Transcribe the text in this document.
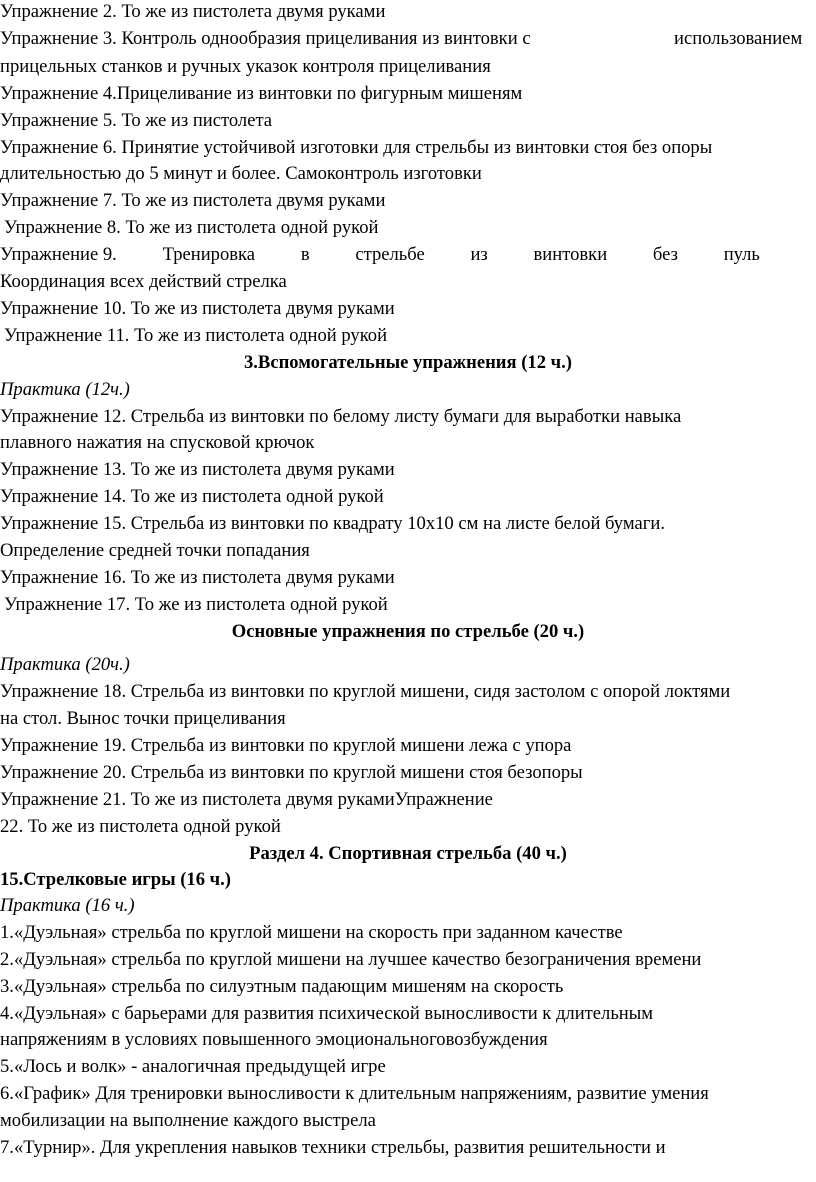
Упражнение 2. То же из пистолета двумя руками
Упражнение 3. Контроль однообразия прицеливания из винтовки с	использованием
прицельных станков и ручных указок контроля прицеливания
Упражнение 4.Прицеливание из винтовки по фигурным мишеням
Упражнение 5. То же из пистолета
Упражнение 6. Принятие устойчивой изготовки для стрельбы из винтовки стоя без опоры
длительностью до 5 минут и более. Самоконтроль изготовки
Упражнение 7. То же из пистолета двумя руками
Упражнение 8. То же из пистолета одной рукой
Упражнение 9. Тренировка в стрельбе из винтовки без пуль
Координация всех действий стрелка
Упражнение 10. То же из пистолета двумя руками
Упражнение 11. То же из пистолета одной рукой
3.Вспомогательные упражнения (12 ч.)
Практика (12ч.)
Упражнение 12. Стрельба из винтовки по белому листу бумаги для выработки навыка
плавного нажатия на спусковой крючок
Упражнение 13. То же из пистолета двумя руками
Упражнение 14. То же из пистолета одной рукой
Упражнение 15. Стрельба из винтовки по квадрату 10х10 см на листе белой бумаги.
Определение средней точки попадания
Упражнение 16. То же из пистолета двумя руками
Упражнение 17. То же из пистолета одной рукой
Основные упражнения по стрельбе (20 ч.)
Практика (20ч.)
Упражнение 18. Стрельба из винтовки по круглой мишени, сидя застолом с опорой локтями
на стол. Вынос точки прицеливания
Упражнение 19. Стрельба из винтовки по круглой мишени лежа с упора
Упражнение 20. Стрельба из винтовки по круглой мишени стоя безопоры
Упражнение 21. То же из пистолета двумя рукамиУпражнение
22. То же из пистолета одной рукой
Раздел 4. Спортивная стрельба (40 ч.)
15.Стрелковые игры (16 ч.)
Практика (16 ч.)
1.«Дуэльная» стрельба по круглой мишени на скорость при заданном качестве
2.«Дуэльная» стрельба по круглой мишени на лучшее качество безограничения времени
3.«Дуэльная» стрельба по силуэтным падающим мишеням на скорость
4.«Дуэльная» с барьерами для развития психической выносливости к длительным
напряжениям в условиях повышенного эмоциональноговозбуждения
5.«Лось и волк» - аналогичная предыдущей игре
6.«График» Для тренировки выносливости к длительным напряжениям, развитие умения
мобилизации на выполнение каждого выстрела
7.«Турнир». Для укрепления навыков техники стрельбы, развития решительности и
